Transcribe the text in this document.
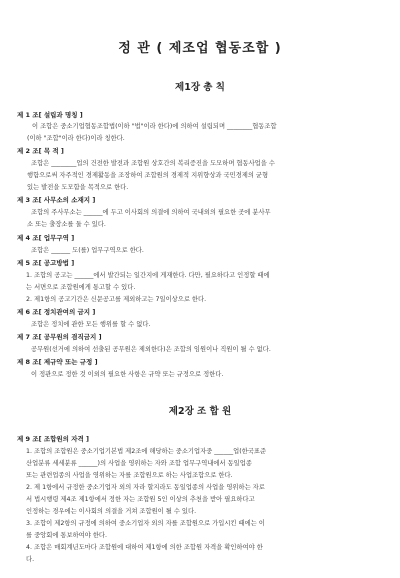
정 관 ( 제조업 협동조합 )
제1장 총 칙
제 1 조[ 설립과 명칭 ]
이 조합은 중소기업협동조합법(이하 "법"이라 한다)에 의하여 설립되며 ________협동조합
(이하 "조합"이라 한다)이라 칭한다.
제 2 조[ 목 적 ]
조합은 ________업의 건전한 발전과 조합원 상호간의 복리증진을 도모하며 협동사업을 수
행함으로써 자주적인 경제활동을 조장하여 조합원의 경제적 지위향상과 국민경제의 균형
있는 발전을 도모함을 목적으로 한다.
제 3 조[ 사무소의 소재지 ]
조합의 주사무소는 ______에 두고 이사회의 의결에 의하여 국내외의 필요한 곳에 분사무
소 또는 출장소를 둘 수 있다.
제 4 조[ 업무구역 ]
조합은 ______ 도(를) 업무구역으로 한다.
제 5 조[ 공고방법 ]
1. 조합의 공고는 ______에서 발간되는 일간지에 게재한다. 다만, 필요하다고 인정할 때에
는 서면으로 조합원에게 통고할 수 있다.
2. 제1항의 공고기간은 신문공고를 제외하고는 7일이상으로 한다.
제 6 조[ 정치관여의 금지 ]
조합은 정치에 관한 모든 행위를 할 수 없다.
제 7 조[ 공무원의 겸직금지 ]
공무원(선거에 의하여 선출된 공무원은 제외한다)은 조합의 임원이나 직원이 될 수 없다.
제 8 조[ 제규약 또는 규정 ]
이 정관으로 정한 것 이외의 필요한 사항은 규약 또는 규정으로 정한다.
제2장 조 합 원
제 9 조[ 조합원의 자격 ]
1. 조합의 조합원은 중소기업기본법 제2조에 해당하는 중소기업자중 ______업(한국표준
산업분류 세세분류 ______)의 사업을 영위하는 자와 조합 업무구역내에서 동일업종
또는 관련업종의 사업을 영위하는 자를 조합원으로 하는 사업조합으로 한다.
2. 제 1항에서 규정한 중소기업자 외의 자라 할지라도 동일업종의 사업을 영위하는 자로
서 법시행령 제4조 제1항에서 정한 자는 조합원 5인 이상의 추천을 받아 필요하다고
인정하는 경우에는 이사회의 의결을 거쳐 조합원이 될 수 있다.
3. 조합이 제2항의 규정에 의하여 중소기업자 외의 자를 조합원으로 가입시킨 때에는 이
를 중앙회에 통보하여야 한다.
4. 조합은 매회계년도마다 조합원에 대하여 제1항에 의한 조합원 자격을 확인하여야 한
다.
